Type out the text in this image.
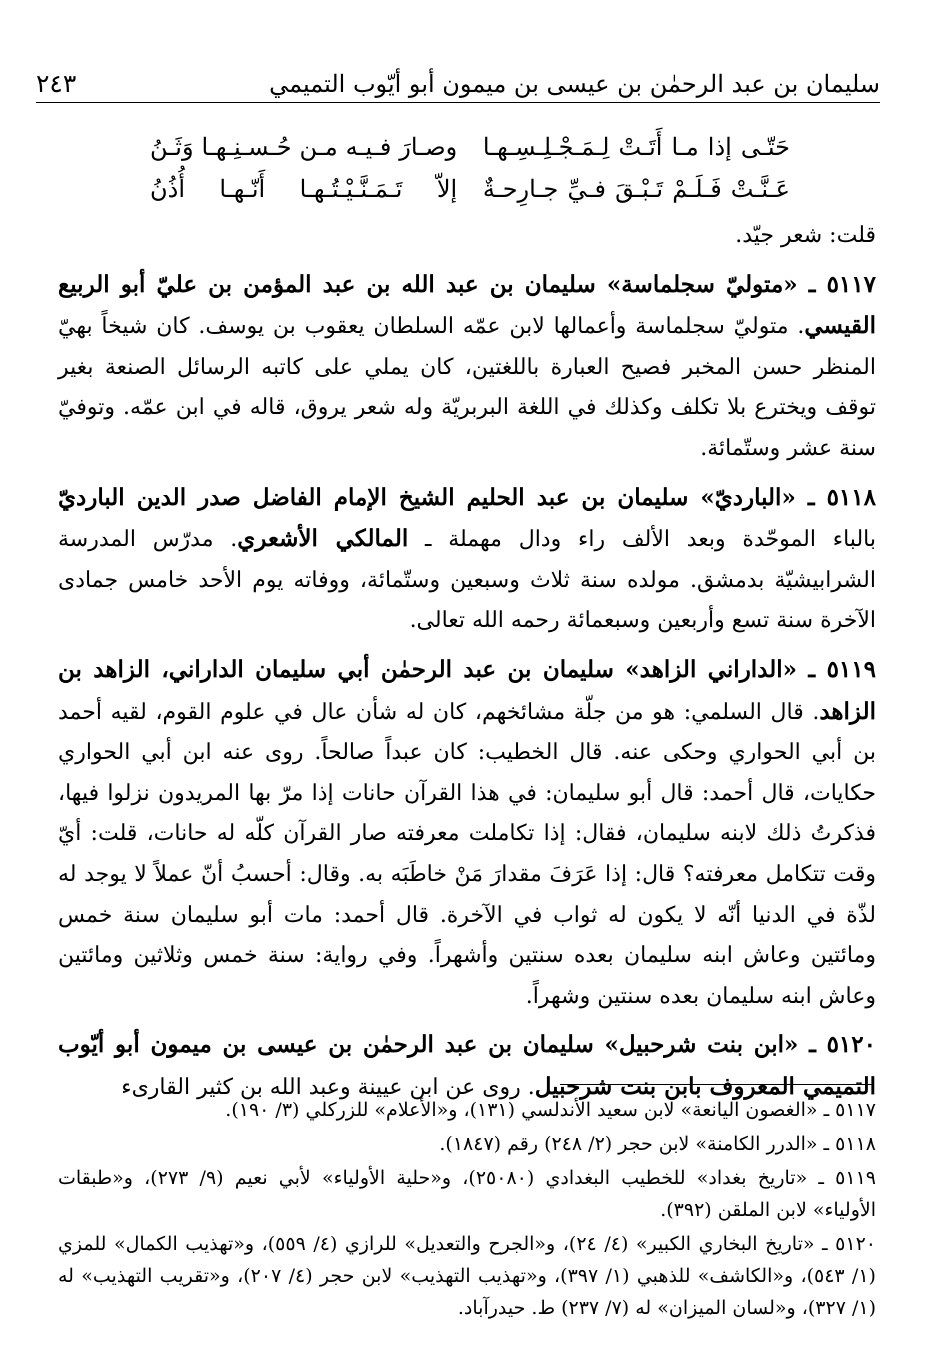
سليمان بن عبد الرحمٰن بن عيسى بن ميمون أبو أيّوب التميمي
٢٤٣
حَتّـى إذا مـا أَتَـتْ لِـمَـجْـلِـسِـهـا
وصـارَ فـيـه مـن حُـسـنِـهـا وَثَـنُ
عَـنَّـتْ فَـلَـمْ تَـبْـقَ فـيِّ جـارِحـةٌ
إلاّ تَـمَـنَّـيْـتُـهـا أَنّـهـا أُذُنُ

قلت: شعر جيّد.

٥١١٧ ـ «متوليّ سجلماسة» سليمان بن عبد الله بن عبد المؤمن بن عليّ أبو الربيع القيسي. متوليّ سجلماسة وأعمالها لابن عمّه السلطان يعقوب بن يوسف. كان شيخاً بهيّ المنظر حسن المخبر فصيح العبارة باللغتين، كان يملي على كاتبه الرسائل الصنعة بغير توقف ويخترع بلا تكلف وكذلك في اللغة البربريّة وله شعر يروق، قاله في ابن عمّه. وتوفيّ سنة عشر وستّمائة.

٥١١٨ ـ «البارديّ» سليمان بن عبد الحليم الشيخ الإمام الفاضل صدر الدين البارديّ بالباء الموحّدة وبعد الألف راء ودال مهملة ـ المالكي الأشعري. مدرّس المدرسة الشرابيشيّة بدمشق. مولده سنة ثلاث وسبعين وستّمائة، ووفاته يوم الأحد خامس جمادى الآخرة سنة تسع وأربعين وسبعمائة رحمه الله تعالى.

٥١١٩ ـ «الداراني الزاهد» سليمان بن عبد الرحمٰن أبي سليمان الداراني، الزاهد بن الزاهد. قال السلمي: هو من جلّة مشائخهم، كان له شأن عال في علوم القوم، لقيه أحمد بن أبي الحواري وحكى عنه. قال الخطيب: كان عبداً صالحاً. روى عنه ابن أبي الحواري حكايات، قال أحمد: قال أبو سليمان: في هذا القرآن حانات إذا مرّ بها المريدون نزلوا فيها، فذكرتُ ذلك لابنه سليمان، فقال: إذا تكاملت معرفته صار القرآن كلّه له حانات، قلت: أيّ وقت تتكامل معرفته؟ قال: إذا عَرَفَ مقدارَ مَنْ خاطَبَه به. وقال: أحسبُ أنّ عملاً لا يوجد له لذّة في الدنيا أنّه لا يكون له ثواب في الآخرة. قال أحمد: مات أبو سليمان سنة خمس ومائتين وعاش ابنه سليمان بعده سنتين وأشهراً. وفي رواية: سنة خمس وثلاثين ومائتين وعاش ابنه سليمان بعده سنتين وشهراً.

٥١٢٠ ـ «ابن بنت شرحبيل» سليمان بن عبد الرحمٰن بن عيسى بن ميمون أبو أيّوب التميمي المعروف بابن بنت شرحبيل. روى عن ابن عيينة وعبد الله بن كثير القارىء

٥١١٧ ـ «الغصون اليانعة» لابن سعيد الأندلسي (١٣١)، و«الأعلام» للزركلي (٣/ ١٩٠).

٥١١٨ ـ «الدرر الكامنة» لابن حجر (٢/ ٢٤٨) رقم (١٨٤٧).

٥١١٩ ـ «تاريخ بغداد» للخطيب البغدادي (٢٥٠٨٠)، و«حلية الأولياء» لأبي نعيم (٩/ ٢٧٣)، و«طبقات الأولياء» لابن الملقن (٣٩٢).

٥١٢٠ ـ «تاريخ البخاري الكبير» (٤/ ٢٤)، و«الجرح والتعديل» للرازي (٤/ ٥٥٩)، و«تهذيب الكمال» للمزي (١/ ٥٤٣)، و«الكاشف» للذهبي (١/ ٣٩٧)، و«تهذيب التهذيب» لابن حجر (٤/ ٢٠٧)، و«تقريب التهذيب» له (١/ ٣٢٧)، و«لسان الميزان» له (٧/ ٢٣٧) ط. حيدرآباد.
